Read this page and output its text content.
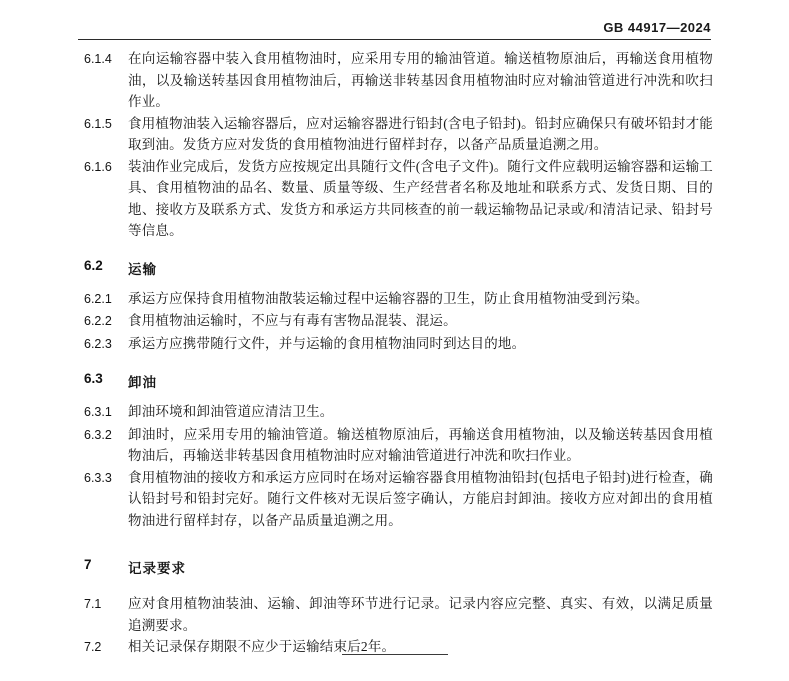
GB 44917—2024
6.1.4	在向运输容器中装入食用植物油时，应采用专用的输油管道。输送植物原油后，再输送食用植物油，以及输送转基因食用植物油后，再输送非转基因食用植物油时应对输油管道进行冲洗和吹扫作业。
6.1.5	食用植物油装入运输容器后，应对运输容器进行铅封(含电子铅封)。铅封应确保只有破坏铅封才能取到油。发货方应对发货的食用植物油进行留样封存，以备产品质量追溯之用。
6.1.6	装油作业完成后，发货方应按规定出具随行文件(含电子文件)。随行文件应载明运输容器和运输工具、食用植物油的品名、数量、质量等级、生产经营者名称及地址和联系方式、发货日期、目的地、接收方及联系方式、发货方和承运方共同核查的前一载运输物品记录或/和清洁记录、铅封号等信息。
6.2	运输
6.2.1	承运方应保持食用植物油散装运输过程中运输容器的卫生，防止食用植物油受到污染。
6.2.2	食用植物油运输时，不应与有毒有害物品混装、混运。
6.2.3	承运方应携带随行文件，并与运输的食用植物油同时到达目的地。
6.3	卸油
6.3.1	卸油环境和卸油管道应清洁卫生。
6.3.2	卸油时，应采用专用的输油管道。输送植物原油后，再输送食用植物油，以及输送转基因食用植物油后，再输送非转基因食用植物油时应对输油管道进行冲洗和吹扫作业。
6.3.3	食用植物油的接收方和承运方应同时在场对运输容器食用植物油铅封(包括电子铅封)进行检查，确认铅封号和铅封完好。随行文件核对无误后签字确认，方能启封卸油。接收方应对卸出的食用植物油进行留样封存，以备产品质量追溯之用。
7	记录要求
7.1	应对食用植物油装油、运输、卸油等环节进行记录。记录内容应完整、真实、有效，以满足质量追溯要求。
7.2	相关记录保存期限不应少于运输结束后2年。
